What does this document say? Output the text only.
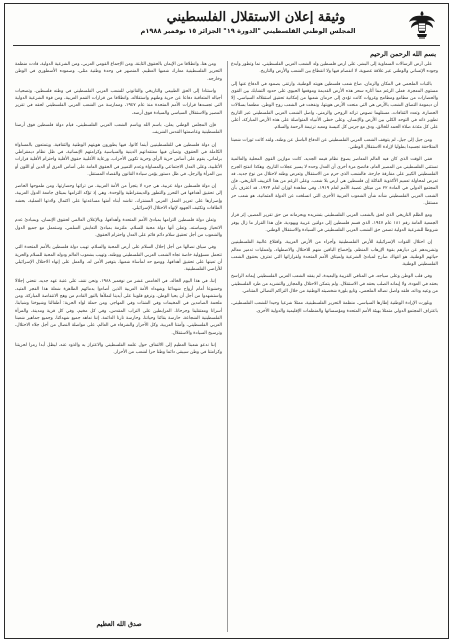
وثيقة إعلان الاستقلال الفلسطيني
المجلس الوطني الفلسطيني "الدورة ١٩" الجزائر ١٥ نوفمبر ١٩٨٨م
بسم الله الرحمن الرحيم

على أرض الرسالات السماوية إلى البشر، على أرض فلسطين ولد الشعب العربي الفلسطيني، نما وتطور وأبدع وجوده الإنساني والوطني عبر علاقة عضوية، لا انفصام فيها ولا انقطاع بين الشعب والأرض والتاريخ.

بالثبات الملحمي في المكان والزمان، صاغ شعب فلسطين هويته الوطنية، وارتقى بصمود في الدفاع عنها إلى مستوى المعجزة. فعلى الرغم مما أثاره سحر هذه الأرض القديمة وموقعها الحيوي على حدود التشابك بين القوى والحضارات من مطامع ومطامح وغزوات كانت تؤدي إلى حرمان شعبها من إمكانية تحقيق استقلاله السياسي، إلا أن ديمومة التصاق الشعب بالأرض هي التي منحت الأرض هويتها، ونفخت في الشعب روح الوطن. مطعما بسلالات الحضارة، وتعدد الثقافات، مستلهما نصوص تراثه الروحي والزمني، واصل الشعب العربي الفلسطيني عبر التاريخ تطوير ذاته في التوحد الكلي بين الأرض والإنسان، وعلى خطى الأنبياء المتواصلة على هذه الأرض المباركة، أعلى على كل مئذنة صلاة الحمد للخالق، ودق مع جرس كل كنيسة ومعبد ترنيمة الرحمة والسلام.

ومن جيل إلى جيل، لم يتوقف الشعب العربي الفلسطيني عن الدفاع الباسل عن وطنه، ولقد كانت ثورات شعبنا المتلاحقة تجسيدا بطوليا لإرادة الاستقلال الوطني.

ففي الوقت الذي كان فيه العالم المعاصر يصوغ نظام قيمه الجديد، كانت موازين القوى المحلية والعالمية تستثني الفلسطيني من المصير العام، فاتضح مرة أخرى أن العدل وحده لا يسير عجلات التاريخ. وهكذا انفتح الجرح الفلسطيني الكبير على مفارقة جارحة، فالشعب الذي حرم من الاستقلال وتعرض وطنه لاحتلال من نوع جديد، قد تعرض لمحاولة تعميم الأكذوبة القائلة إن فلسطين هي أرض بلا شعب. وعلى الرغم من هذا التزييف التاريخي، فإن المجتمع الدولي في المادة ٢٢ من ميثاق عصبة الأمم لعام ١٩١٩، وفي معاهدة لوزان لعام ١٩٢٣، قد اعترف بأن الشعب العربي الفلسطيني شأنه شأن الشعوب العربية الأخرى التي انسلخت عن الدولة العثمانية، هو شعب حر مستقل.

ومع الظلم التاريخي الذي لحق بالشعب العربي الفلسطيني بتشريده وبحرمانه من حق تقرير المصير، إثر قرار الجمعية العامة رقم ١٨١ عام ١٩٤٧، الذي قسم فلسطين إلى دولتين عربية ويهودية، فإن هذا القرار ما زال يوفر شروطا للشرعية الدولية تضمن حق الشعب العربي الفلسطيني في السيادة والاستقلال الوطني.

إن احتلال القوات الإسرائيلية للأرض الفلسطينية وأجزاء من الأرض العربية، واقتلاع غالبية الفلسطينيين وتشريدهم عن ديارهم بقوة الإرهاب المنظم، وإخضاع الباقين منهم للاحتلال والاضطهاد، ولعمليات تدمير معالم حياتهم الوطنية، هو انتهاك صارخ لمبادئ الشرعية ولميثاق الأمم المتحدة ولقراراتها التي تعترف بحقوق الشعب الفلسطيني الوطنية.

وفي قلب الوطن وعلى سياجه، في المنافي القريبة والبعيدة، لم يفقد الشعب العربي الفلسطيني إيمانه الراسخ بحقه في العودة، ولا إيمانه الصلب بحقه في الاستقلال. ولم يتمكن الاحتلال والمجازر والتشريد من طرد الفلسطيني من وعيه وذاته، فلقد واصل نضاله الملحمي، وتابع بلورة شخصيته الوطنية من خلال التراكم النضالي المتنامي.

وبلورت الإرادة الوطنية إطارها السياسي، منظمة التحرير الفلسطينية، ممثلا شرعيا وحيدا للشعب الفلسطيني، باعتراف المجتمع الدولي متمثلا بهيئة الأمم المتحدة ومؤسساتها والمنظمات الإقليمية والدولية الأخرى.

ومن هنا، وانطلاقا من الإيمان بالحقوق الثابتة، ومن الإجماع القومي العربي، ومن الشرعية الدولية، قادت منظمة التحرير الفلسطينية معارك شعبها العظيم، المنصهر في وحدة وطنية مثلى، وصموده الأسطوري في الوطن وخارجه.

واستنادا إلى الحق الطبيعي والتاريخي والقانوني للشعب العربي الفلسطيني في وطنه فلسطين، وتضحيات أجياله المتعاقبة دفاعا عن حرية وطنهم واستقلاله، وانطلاقا من قرارات القمم العربية، ومن قوة الشرعية الدولية التي تجسدها قرارات الأمم المتحدة منذ عام ١٩٤٧، وممارسة من الشعب العربي الفلسطيني لحقه في تقرير المصير والاستقلال السياسي والسيادة فوق أرضه،

فإن المجلس الوطني يعلن، باسم الله وباسم الشعب العربي الفلسطيني، قيام دولة فلسطين فوق أرضنا الفلسطينية وعاصمتها القدس الشريف.

إن دولة فلسطين هي للفلسطينيين أينما كانوا، فيها يطورون هويتهم الوطنية والثقافية، ويتمتعون بالمساواة الكاملة في الحقوق، وتصان فيها معتقداتهم الدينية والسياسية وكرامتهم الإنسانية، في ظل نظام ديمقراطي برلماني، يقوم على أساس حرية الرأي وحرية تكوين الأحزاب، ورعاية الأغلبية حقوق الأقلية واحترام الأقلية قرارات الأغلبية، وعلى العدل الاجتماعي والمساواة وعدم التمييز في الحقوق العامة على أساس العرق أو الدين أو اللون أو بين المرأة والرجل، في ظل دستور يؤمن سيادة القانون والقضاء المستقل.

إن دولة فلسطين دولة عربية، هي جزء لا يتجزأ من الأمة العربية، من تراثها وحضارتها، ومن طموحها الحاضر إلى تحقيق أهدافها في التحرر والتطور والديمقراطية والوحدة. وهي إذ تؤكد التزامها بميثاق جامعة الدول العربية، وإصرارها على تعزيز العمل العربي المشترك، تناشد أبناء أمتها مساعدتها على اكتمال ولادتها العملية، بحشد الطاقات وتكثيف الجهود لإنهاء الاحتلال الإسرائيلي.

وتعلن دولة فلسطين التزامها بمبادئ الأمم المتحدة وأهدافها، وبالإعلان العالمي لحقوق الإنسان، وبمبادئ عدم الانحياز وسياسته، وتعلن أنها دولة محبة للسلام، ملتزمة بمبادئ التعايش السلمي، وستعمل مع جميع الدول والشعوب من أجل تحقيق سلام دائم قائم على العدل واحترام الحقوق.

وفي سياق نضالها من أجل إحلال السلام على أرض المحبة والسلام، تهيب دولة فلسطين بالأمم المتحدة التي تتحمل مسؤولية خاصة تجاه الشعب العربي الفلسطيني ووطنه، وتهيب بشعوب العالم ودوله المحبة للسلام والحرية أن تعينها على تحقيق أهدافها، ووضع حد لمأساة شعبها، بتوفير الأمن له، والعمل على إنهاء الاحتلال الإسرائيلي للأراضي الفلسطينية.

إننا، في هذا اليوم الخالد، في الخامس عشر من نوفمبر ١٩٨٨، ونحن نقف على عتبة عهد جديد، ننحني إجلالا وخشوعا أمام أرواح شهدائنا وشهداء الأمة العربية الذين أضاءوا بدمائهم الطاهرة شعلة هذا الفجر العتيد، واستشهدوا من أجل أن يحيا الوطن، ونرفع قلوبنا على أيدينا لنملأها بالنور القادم من وهج الانتفاضة المباركة، ومن ملحمة الصامدين في المخيمات وفي الشتات وفي المهاجر، ومن حملة لواء الحرية: أطفالنا وشيوخنا وشبابنا، أسرانا ومعتقلينا وجرحانا، المرابطين على التراب المقدس، وفي كل مخيم، وفي كل قرية ومدينة، والمرأة الفلسطينية الشجاعة، حارسة بقائنا وحياتنا، وحارسة نارنا الدائمة. إننا نعاهد جميع شهدائنا، وجميع جماهير شعبنا العربي الفلسطيني، وأمتنا العربية، وكل الأحرار والشرفاء في العالم، على مواصلة النضال من أجل جلاء الاحتلال، وترسيخ السيادة والاستقلال.

إننا ندعو شعبنا العظيم إلى الالتفاف حول علمه الفلسطيني والاعتزاز به والذود عنه، ليظل أبدا رمزا لحريتنا وكرامتنا في وطن سيبقى دائما وطنا حرا لشعب من الأحرار.

صدق الله العظيم
